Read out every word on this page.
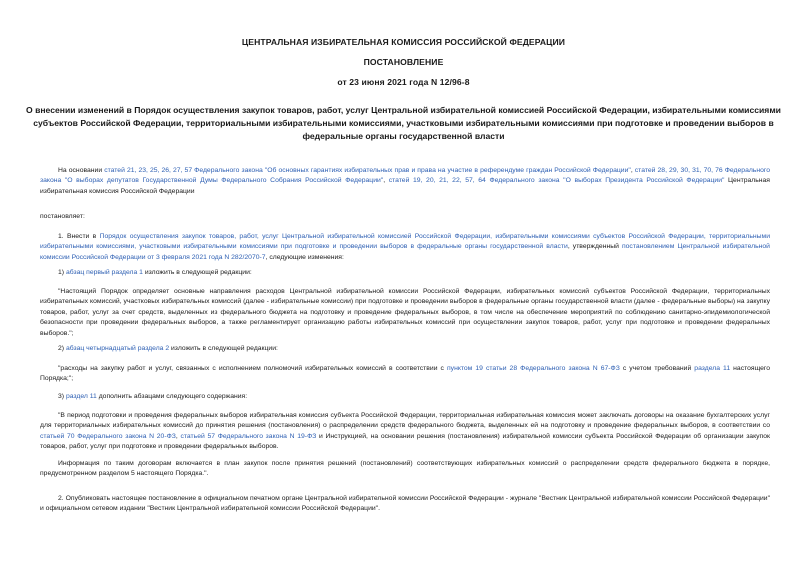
ЦЕНТРАЛЬНАЯ ИЗБИРАТЕЛЬНАЯ КОМИССИЯ РОССИЙСКОЙ ФЕДЕРАЦИИ
ПОСТАНОВЛЕНИЕ
от 23 июня 2021 года N 12/96-8
О внесении изменений в Порядок осуществления закупок товаров, работ, услуг Центральной избирательной комиссией Российской Федерации, избирательными комиссиями субъектов Российской Федерации, территориальными избирательными комиссиями, участковыми избирательными комиссиями при подготовке и проведении выборов в федеральные органы государственной власти
На основании статей 21, 23, 25, 26, 27, 57 Федерального закона "Об основных гарантиях избирательных прав и права на участие в референдуме граждан Российской Федерации", статей 28, 29, 30, 31, 70, 76 Федерального закона "О выборах депутатов Государственной Думы Федерального Собрания Российской Федерации", статей 19, 20, 21, 22, 57, 64 Федерального закона "О выборах Президента Российской Федерации" Центральная избирательная комиссия Российской Федерации
постановляет:
1. Внести в Порядок осуществления закупок товаров, работ, услуг Центральной избирательной комиссией Российской Федерации, избирательными комиссиями субъектов Российской Федерации, территориальными избирательными комиссиями, участковыми избирательными комиссиями при подготовке и проведении выборов в федеральные органы государственной власти, утвержденный постановлением Центральной избирательной комиссии Российской Федерации от 3 февраля 2021 года N 282/2070-7, следующие изменения:
1) абзац первый раздела 1 изложить в следующей редакции:
"Настоящий Порядок определяет основные направления расходов Центральной избирательной комиссии Российской Федерации, избирательных комиссий субъектов Российской Федерации, территориальных избирательных комиссий, участковых избирательных комиссий (далее - избирательные комиссии) при подготовке и проведении выборов в федеральные органы государственной власти (далее - федеральные выборы) на закупку товаров, работ, услуг за счет средств, выделенных из федерального бюджета на подготовку и проведение федеральных выборов, в том числе на обеспечение мероприятий по соблюдению санитарно-эпидемиологической безопасности при проведении федеральных выборов, а также регламентирует организацию работы избирательных комиссий при осуществлении закупок товаров, работ, услуг при подготовке и проведении федеральных выборов.";
2) абзац четырнадцатый раздела 2 изложить в следующей редакции:
"расходы на закупку работ и услуг, связанных с исполнением полномочий избирательных комиссий в соответствии с пунктом 19 статьи 28 Федерального закона N 67-ФЗ с учетом требований раздела 11 настоящего Порядка;";
3) раздел 11 дополнить абзацами следующего содержания:
"В период подготовки и проведения федеральных выборов избирательная комиссия субъекта Российской Федерации, территориальная избирательная комиссия может заключать договоры на оказание бухгалтерских услуг для территориальных избирательных комиссий до принятия решения (постановления) о распределении средств федерального бюджета, выделенных ей на подготовку и проведение федеральных выборов, в соответствии со статьей 70 Федерального закона N 20-ФЗ, статьей 57 Федерального закона N 19-ФЗ и Инструкцией, на основании решения (постановления) избирательной комиссии субъекта Российской Федерации об организации закупок товаров, работ, услуг при подготовке и проведении федеральных выборов.
Информация по таким договорам включается в план закупок после принятия решений (постановлений) соответствующих избирательных комиссий о распределении средств федерального бюджета в порядке, предусмотренном разделом 5 настоящего Порядка.".
2. Опубликовать настоящее постановление в официальном печатном органе Центральной избирательной комиссии Российской Федерации - журнале "Вестник Центральной избирательной комиссии Российской Федерации" и официальном сетевом издании "Вестник Центральной избирательной комиссии Российской Федерации".
